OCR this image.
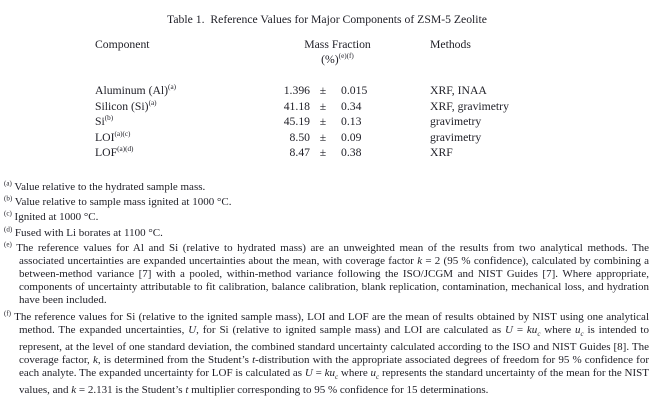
Table 1.  Reference Values for Major Components of ZSM-5 Zeolite
Component	Mass Fraction	Methods
(%)$^{(e)(f)}$
Aluminum $(Al)^{(a)}$	1.396 ±	0.015	XRF, INAA
Silicon $(Si)^{(a)}$	41.18 ±	0.34	XRF, gravimetry
Si$^{(b)}$	45.19 ±	0.13	gravimetry
$LOI^{(a)(c)}$	8.50 ±	0.09	gravimetry
$LOF^{(a)(d)}$	8.47 ±	0.38	XRF

$^{(a)}$ Value relative to the hydrated sample mass.

$^{(b)}$ Value relative to sample mass ignited at 1000 °C.

$^{(c)}$ Ignited at 1000 °C.

$^{(d)}$ Fused with Li borates at 1100 °C.

$^{(e)}$ The reference values for Al and Si (relative to hydrated mass) are an unweighted mean of the results from two analytical methods. The associated uncertainties are expanded uncertainties about the mean, with coverage factor k = 2 (95 % confidence), calculated by combining a between-method variance [7] with a pooled, within-method variance following the ISO/JCGM and NIST Guides [7]. Where appropriate, components of uncertainty attributable to fit calibration, balance calibration, blank replication, contamination, mechanical loss, and hydration have been included.

$^{(f)}$ The reference values for Si (relative to the ignited sample mass), LOI and LOF are the mean of results obtained by NIST using one analytical method. The expanded uncertainties, U, for Si (relative to ignited sample mass) and LOI are calculated as $U = ku_c$ where $u_c$ is intended to represent, at the level of one standard deviation, the combined standard uncertainty calculated according to the ISO and NIST Guides [8]. The coverage factor, k, is determined from the Student’s t-distribution with the appropriate associated degrees of freedom for 95 % confidence for each analyte. The expanded uncertainty for LOF is calculated as $U = ku_c$ where $u_c$ represents the standard uncertainty of the mean for the NIST values, and k = 2.131 is the Student’s t multiplier corresponding to 95 % confidence for 15 determinations.
